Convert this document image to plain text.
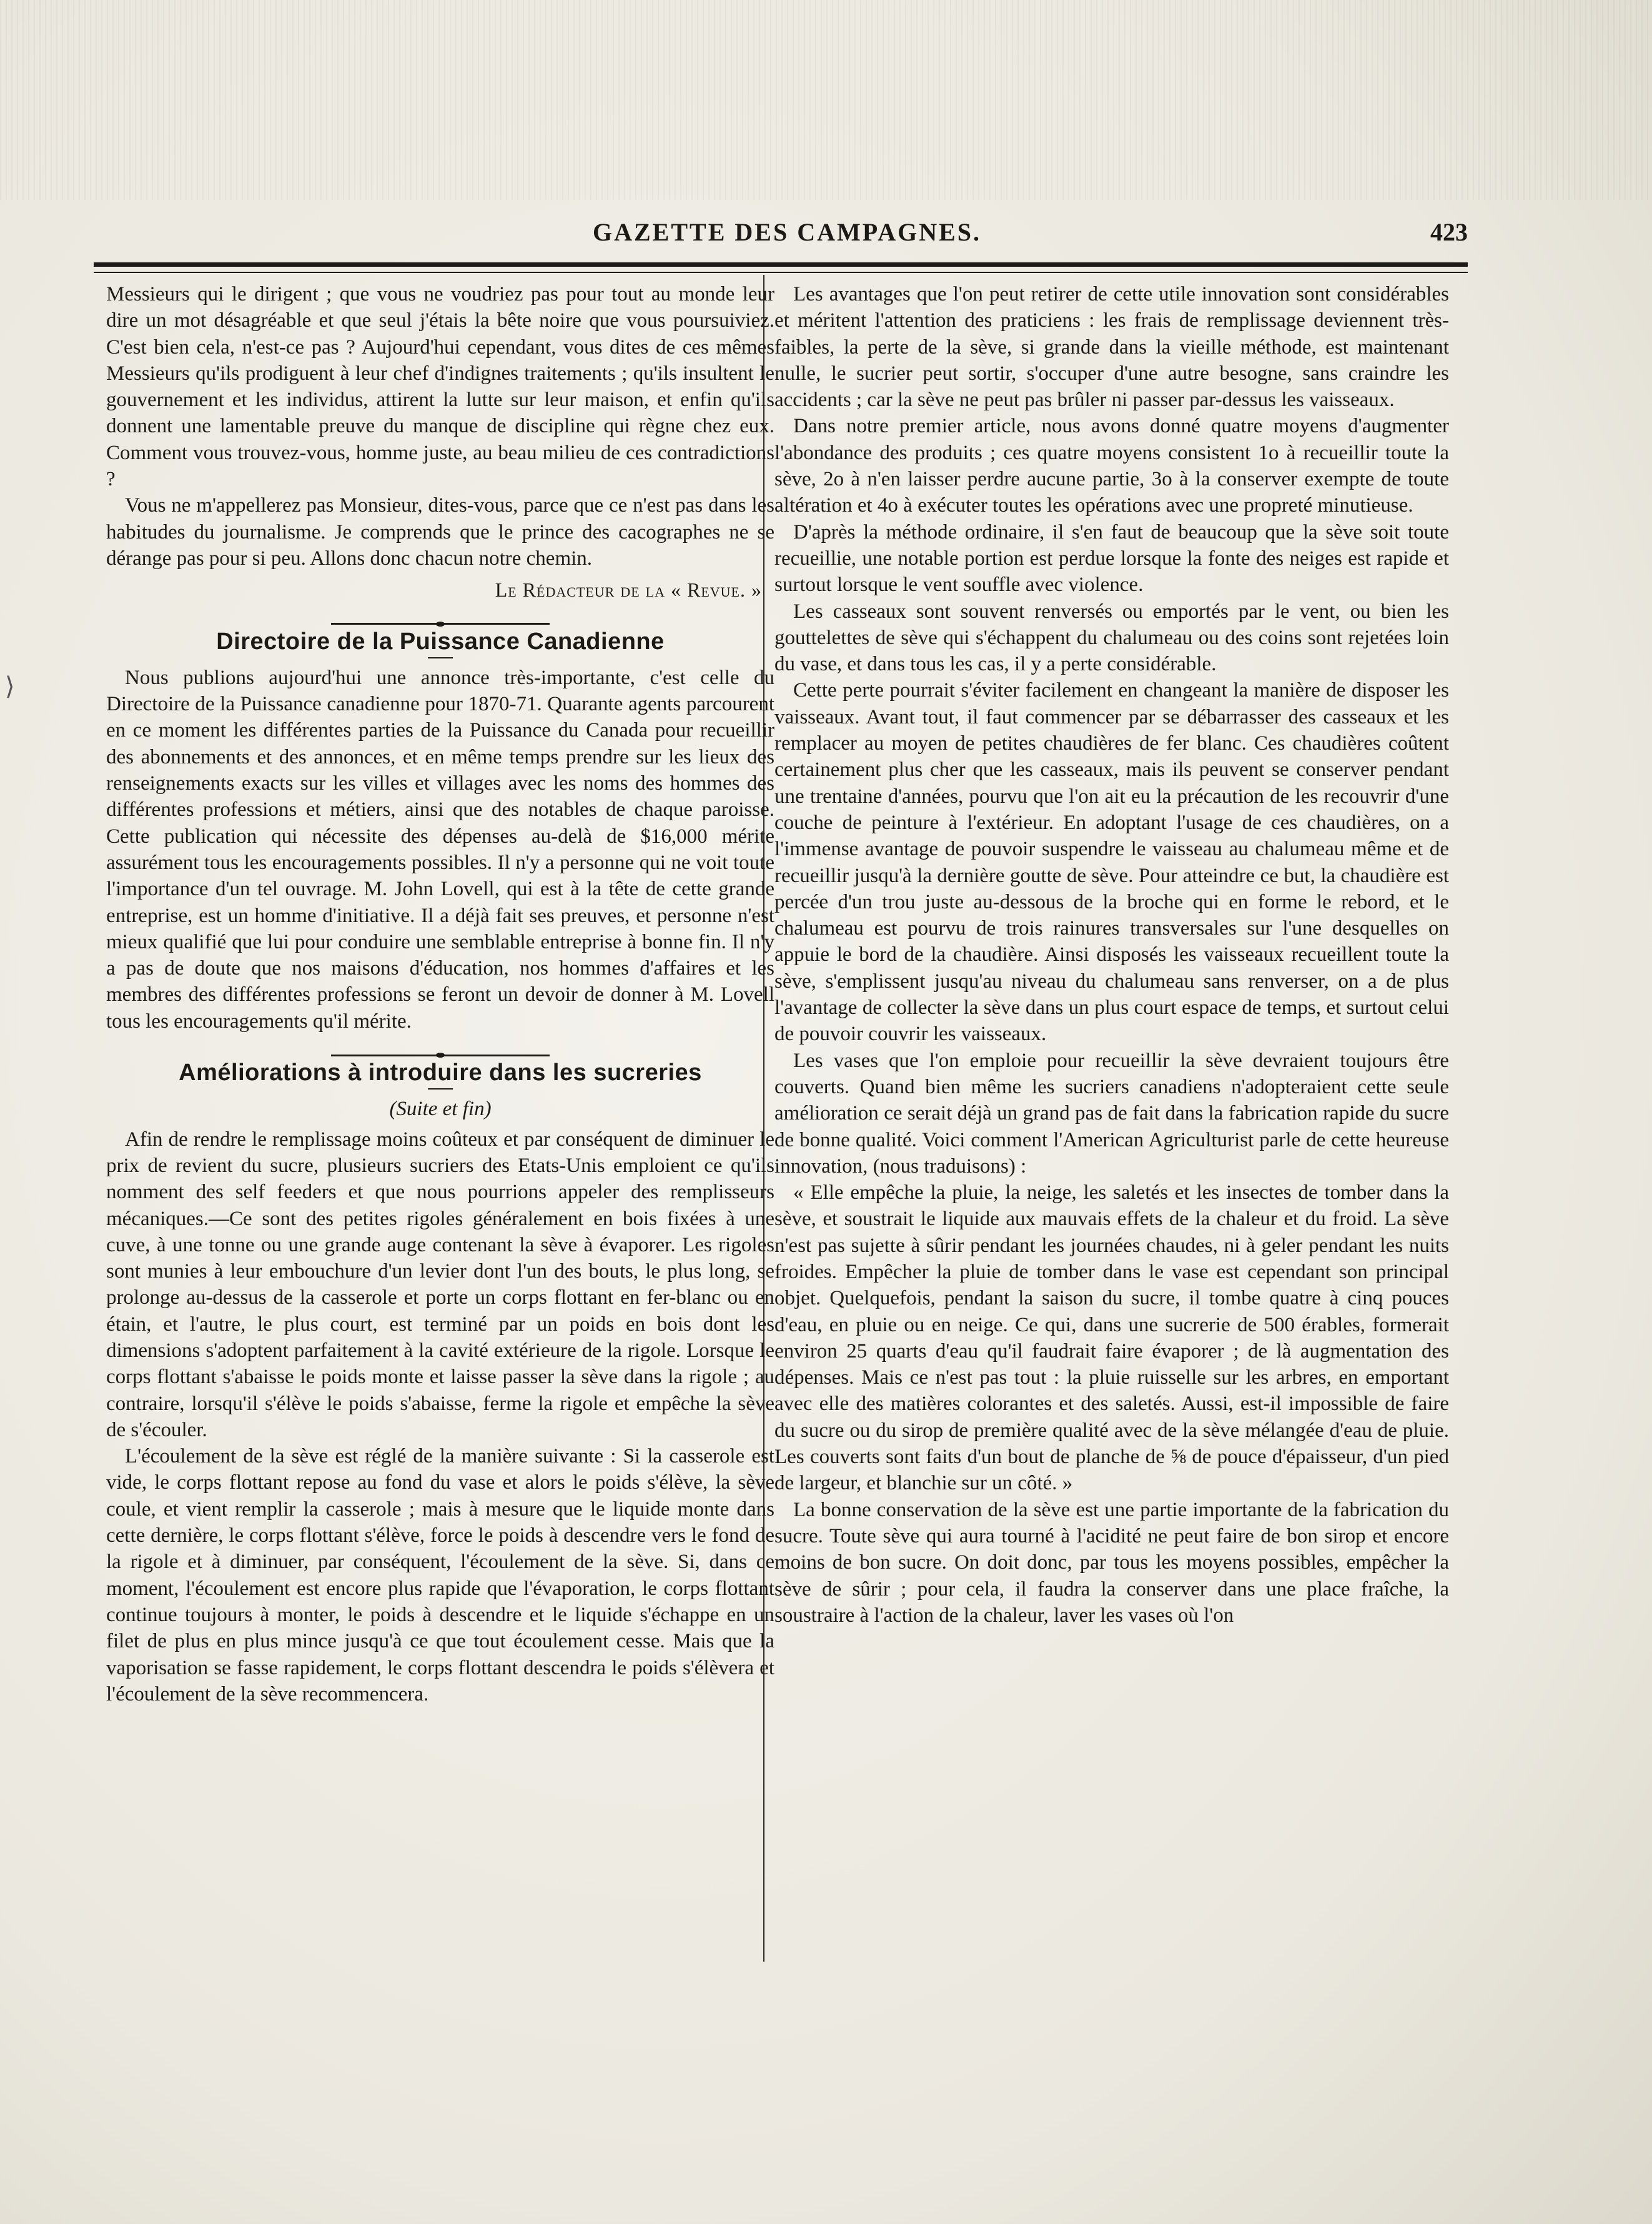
GAZETTE DES CAMPAGNES.	423

Messieurs qui le dirigent ; que vous ne voudriez pas pour tout au monde leur dire un mot désagréable et que seul j'étais la bête noire que vous poursuiviez. C'est bien cela, n'est-ce pas ? Aujourd'hui cependant, vous dites de ces mêmes Messieurs qu'ils prodiguent à leur chef d'indignes traitements ; qu'ils insultent le gouvernement et les individus, attirent la lutte sur leur maison, et enfin qu'ils donnent une lamentable preuve du manque de discipline qui règne chez eux. Comment vous trouvez-vous, homme juste, au beau milieu de ces contradictions ?

Vous ne m'appellerez pas Monsieur, dites-vous, parce que ce n'est pas dans les habitudes du journalisme. Je comprends que le prince des cacographes ne se dérange pas pour si peu. Allons donc chacun notre chemin.

Le Rédacteur de la « Revue. »
Directoire de la Puissance Canadienne

Nous publions aujourd'hui une annonce très-importante, c'est celle du Directoire de la Puissance canadienne pour 1870-71. Quarante agents parcourent en ce moment les différentes parties de la Puissance du Canada pour recueillir des abonnements et des annonces, et en même temps prendre sur les lieux des renseignements exacts sur les villes et villages avec les noms des hommes des différentes professions et métiers, ainsi que des notables de chaque paroisse. Cette publication qui nécessite des dépenses au-delà de $16,000 mérite assurément tous les encouragements possibles. Il n'y a personne qui ne voit toute l'importance d'un tel ouvrage. M. John Lovell, qui est à la tête de cette grande entreprise, est un homme d'initiative. Il a déjà fait ses preuves, et personne n'est mieux qualifié que lui pour conduire une semblable entreprise à bonne fin. Il n'y a pas de doute que nos maisons d'éducation, nos hommes d'affaires et les membres des différentes professions se feront un devoir de donner à M. Lovell tous les encouragements qu'il mérite.

Améliorations à introduire dans les sucreries
(Suite et fin)

Afin de rendre le remplissage moins coûteux et par conséquent de diminuer le prix de revient du sucre, plusieurs sucriers des Etats-Unis emploient ce qu'ils nomment des self feeders et que nous pourrions appeler des remplisseurs mécaniques.—Ce sont des petites rigoles généralement en bois fixées à une cuve, à une tonne ou une grande auge contenant la sève à évaporer. Les rigoles sont munies à leur embouchure d'un levier dont l'un des bouts, le plus long, se prolonge au-dessus de la casserole et porte un corps flottant en fer-blanc ou en étain, et l'autre, le plus court, est terminé par un poids en bois dont les dimensions s'adoptent parfaitement à la cavité extérieure de la rigole. Lorsque le corps flottant s'abaisse le poids monte et laisse passer la sève dans la rigole ; au contraire, lorsqu'il s'élève le poids s'abaisse, ferme la rigole et empêche la sève de s'écouler.

L'écoulement de la sève est réglé de la manière suivante : Si la casserole est vide, le corps flottant repose au fond du vase et alors le poids s'élève, la sève coule, et vient remplir la casserole ; mais à mesure que le liquide monte dans cette dernière, le corps flottant s'élève, force le poids à descendre vers le fond de la rigole et à diminuer, par conséquent, l'écoulement de la sève. Si, dans ce moment, l'écoulement est encore plus rapide que l'évaporation, le corps flottant continue toujours à monter, le poids à descendre et le liquide s'échappe en un filet de plus en plus mince jusqu'à ce que tout écoulement cesse. Mais que la vaporisation se fasse rapidement, le corps flottant descendra le poids s'élèvera et l'écoulement de la sève recommencera.

Les avantages que l'on peut retirer de cette utile innovation sont considérables et méritent l'attention des praticiens : les frais de remplissage deviennent très-faibles, la perte de la sève, si grande dans la vieille méthode, est maintenant nulle, le sucrier peut sortir, s'occuper d'une autre besogne, sans craindre les accidents ; car la sève ne peut pas brûler ni passer par-dessus les vaisseaux.

Dans notre premier article, nous avons donné quatre moyens d'augmenter l'abondance des produits ; ces quatre moyens consistent 1o à recueillir toute la sève, 2o à n'en laisser perdre aucune partie, 3o à la conserver exempte de toute altération et 4o à exécuter toutes les opérations avec une propreté minutieuse.

D'après la méthode ordinaire, il s'en faut de beaucoup que la sève soit toute recueillie, une notable portion est perdue lorsque la fonte des neiges est rapide et surtout lorsque le vent souffle avec violence.

Les casseaux sont souvent renversés ou emportés par le vent, ou bien les gouttelettes de sève qui s'échappent du chalumeau ou des coins sont rejetées loin du vase, et dans tous les cas, il y a perte considérable.

Cette perte pourrait s'éviter facilement en changeant la manière de disposer les vaisseaux. Avant tout, il faut commencer par se débarrasser des casseaux et les remplacer au moyen de petites chaudières de fer blanc. Ces chaudières coûtent certainement plus cher que les casseaux, mais ils peuvent se conserver pendant une trentaine d'années, pourvu que l'on ait eu la précaution de les recouvrir d'une couche de peinture à l'extérieur. En adoptant l'usage de ces chaudières, on a l'immense avantage de pouvoir suspendre le vaisseau au chalumeau même et de recueillir jusqu'à la dernière goutte de sève. Pour atteindre ce but, la chaudière est percée d'un trou juste au-dessous de la broche qui en forme le rebord, et le chalumeau est pourvu de trois rainures transversales sur l'une desquelles on appuie le bord de la chaudière. Ainsi disposés les vaisseaux recueillent toute la sève, s'emplissent jusqu'au niveau du chalumeau sans renverser, on a de plus l'avantage de collecter la sève dans un plus court espace de temps, et surtout celui de pouvoir couvrir les vaisseaux.

Les vases que l'on emploie pour recueillir la sève devraient toujours être couverts. Quand bien même les sucriers canadiens n'adopteraient cette seule amélioration ce serait déjà un grand pas de fait dans la fabrication rapide du sucre de bonne qualité. Voici comment l'American Agriculturist parle de cette heureuse innovation, (nous traduisons) :

« Elle empêche la pluie, la neige, les saletés et les insectes de tomber dans la sève, et soustrait le liquide aux mauvais effets de la chaleur et du froid. La sève n'est pas sujette à sûrir pendant les journées chaudes, ni à geler pendant les nuits froides. Empêcher la pluie de tomber dans le vase est cependant son principal objet. Quelquefois, pendant la saison du sucre, il tombe quatre à cinq pouces d'eau, en pluie ou en neige. Ce qui, dans une sucrerie de 500 érables, formerait environ 25 quarts d'eau qu'il faudrait faire évaporer ; de là augmentation des dépenses. Mais ce n'est pas tout : la pluie ruisselle sur les arbres, en emportant avec elle des matières colorantes et des saletés. Aussi, est-il impossible de faire du sucre ou du sirop de première qualité avec de la sève mélangée d'eau de pluie. Les couverts sont faits d'un bout de planche de ⅝ de pouce d'épaisseur, d'un pied de largeur, et blanchie sur un côté. »

La bonne conservation de la sève est une partie importante de la fabrication du sucre. Toute sève qui aura tourné à l'acidité ne peut faire de bon sirop et encore moins de bon sucre. On doit donc, par tous les moyens possibles, empêcher la sève de sûrir ; pour cela, il faudra la conserver dans une place fraîche, la soustraire à l'action de la chaleur, laver les vases où l'on

⟩
